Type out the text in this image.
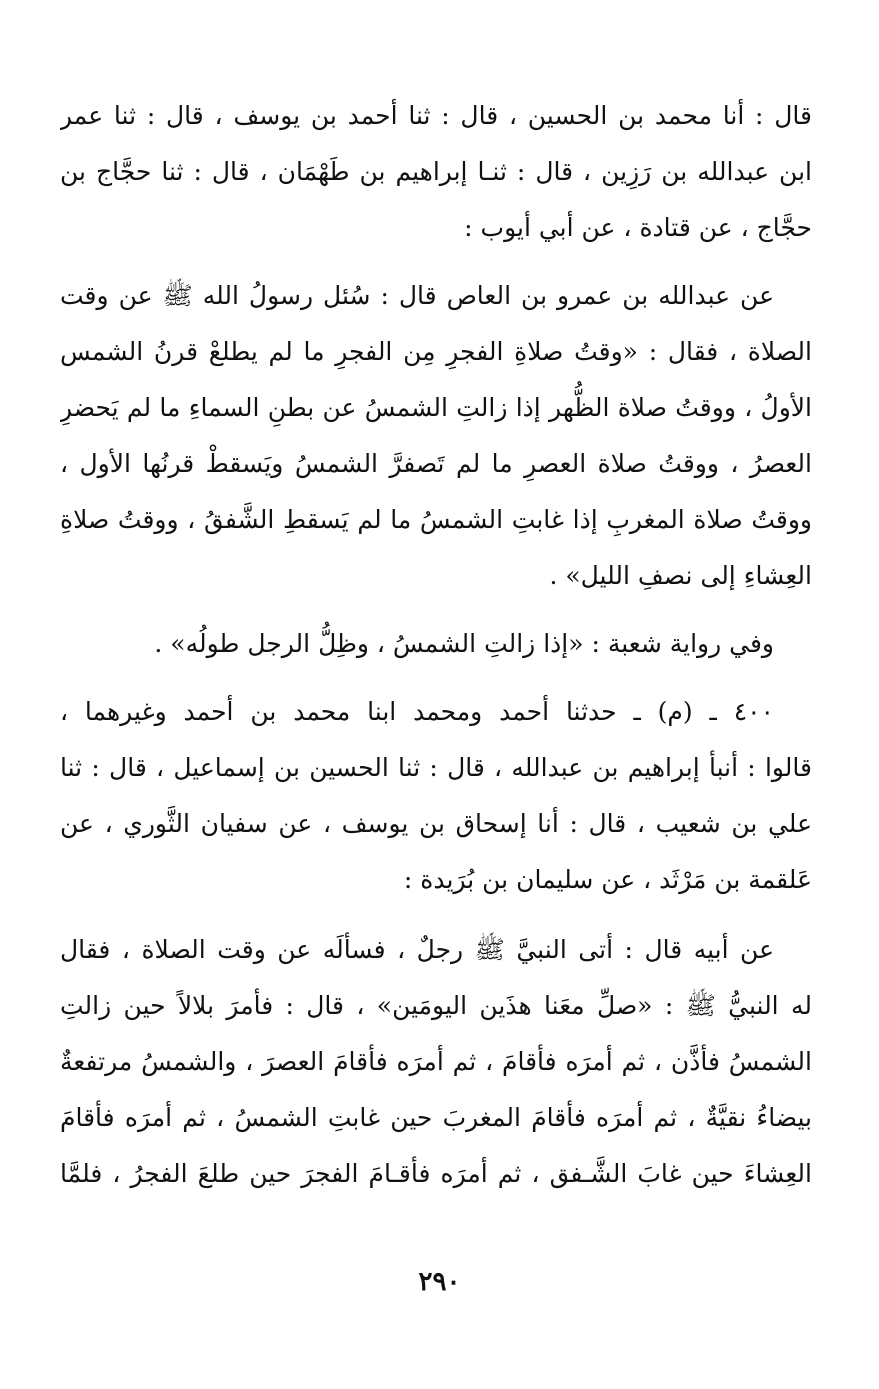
قال : أنا محمد بن الحسين ، قال : ثنا أحمد بن يوسف ، قال : ثنا عمر
ابن عبدالله بن رَزِين ، قال : ثنـا إبراهيم بن طَهْمَان ، قال : ثنا حجَّاج بن
حجَّاج ، عن قتادة ، عن أبي أيوب :
عن عبدالله بن عمرو بن العاص قال : سُئل رسولُ الله ﷺ عن وقت
الصلاة ، فقال : «وقتُ صلاةِ الفجرِ مِن الفجرِ ما لم يطلعْ قرنُ الشمس
الأولُ ، ووقتُ صلاة الظُّهر إذا زالتِ الشمسُ عن بطنِ السماءِ ما لم يَحضرِ
العصرُ ، ووقتُ صلاة العصرِ ما لم تَصفرَّ الشمسُ ويَسقطْ قرنُها الأول ،
ووقتُ صلاة المغربِ إذا غابتِ الشمسُ ما لم يَسقطِ الشَّفقُ ، ووقتُ صلاةِ
العِشاءِ إلى نصفِ الليل» .
وفي رواية شعبة : «إذا زالتِ الشمسُ ، وظِلُّ الرجل طولُه» .
٤٠٠ ـ (م) ـ حدثنا أحمد ومحمد ابنا محمد بن أحمد وغيرهما ،
قالوا : أنبأ إبراهيم بن عبدالله ، قال : ثنا الحسين بن إسماعيل ، قال : ثنا
علي بن شعيب ، قال : أنا إسحاق بن يوسف ، عن سفيان الثَّوري ، عن
عَلقمة بن مَرْثَد ، عن سليمان بن بُرَيدة :
عن أبيه قال : أتى النبيَّ ﷺ رجلٌ ، فسألَه عن وقت الصلاة ، فقال
له النبيُّ ﷺ : «صلِّ معَنا هذَين اليومَين» ، قال : فأمرَ بلالاً حين زالتِ
الشمسُ فأذَّن ، ثم أمرَه فأقامَ ، ثم أمرَه فأقامَ العصرَ ، والشمسُ مرتفعةٌ
بيضاءُ نقيَّةٌ ، ثم أمرَه فأقامَ المغربَ حين غابتِ الشمسُ ، ثم أمرَه فأقامَ
العِشاءَ حين غابَ الشَّـفق ، ثم أمرَه فأقـامَ الفجرَ حين طلعَ الفجرُ ، فلمَّا
٢٩٠
